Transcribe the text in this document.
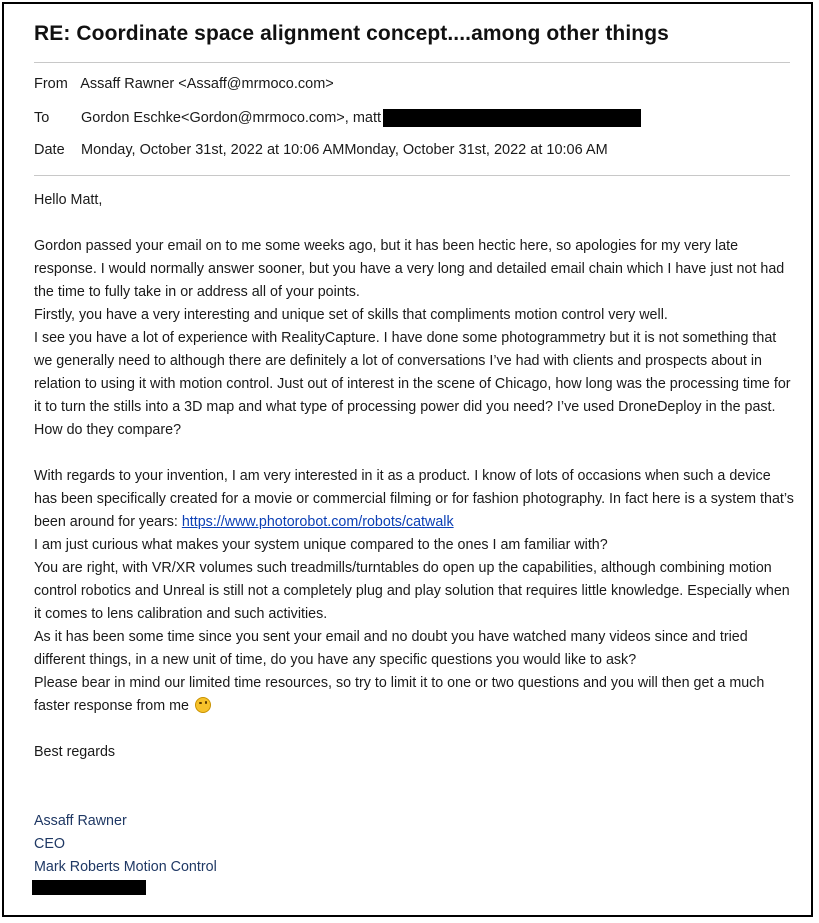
RE: Coordinate space alignment concept....among other things
From Assaff Rawner <Assaff@mrmoco.com>
To Gordon Eschke<Gordon@mrmoco.com>, matt
Date Monday, October 31st, 2022 at 10:06 AMMonday, October 31st, 2022 at 10:06 AM

Hello Matt,

Gordon passed your email on to me some weeks ago, but it has been hectic here, so apologies for my very late response. I would normally answer sooner, but you have a very long and detailed email chain which I have just not had the time to fully take in or address all of your points.

Firstly, you have a very interesting and unique set of skills that compliments motion control very well.

I see you have a lot of experience with RealityCapture. I have done some photogrammetry but it is not something that we generally need to although there are definitely a lot of conversations I’ve had with clients and prospects about in relation to using it with motion control. Just out of interest in the scene of Chicago, how long was the processing time for it to turn the stills into a 3D map and what type of processing power did you need? I’ve used DroneDeploy in the past. How do they compare?

With regards to your invention, I am very interested in it as a product. I know of lots of occasions when such a device has been specifically created for a movie or commercial filming or for fashion photography. In fact here is a system that’s been around for years: https://www.photorobot.com/robots/catwalk

I am just curious what makes your system unique compared to the ones I am familiar with?

You are right, with VR/XR volumes such treadmills/turntables do open up the capabilities, although combining motion control robotics and Unreal is still not a completely plug and play solution that requires little knowledge. Especially when it comes to lens calibration and such activities.

As it has been some time since you sent your email and no doubt you have watched many videos since and tried different things, in a new unit of time, do you have any specific questions you would like to ask?

Please bear in mind our limited time resources, so try to limit it to one or two questions and you will then get a much faster response from me

Best regards

Assaff Rawner

CEO

Mark Roberts Motion Control
